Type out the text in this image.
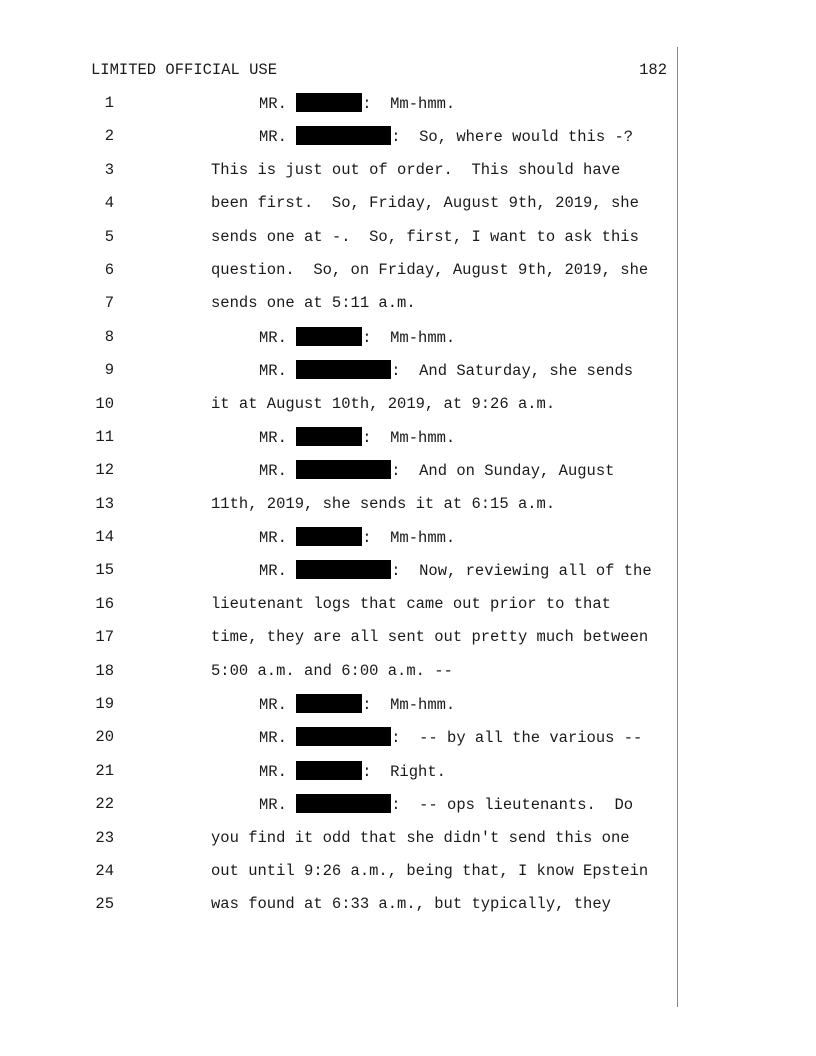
LIMITED OFFICIAL USE	182
1	MR.	:  Mm-hmm.
2	MR.	:  So, where would this -?
3	This is just out of order.  This should have
4	been first.  So, Friday, August 9th, 2019, she
5	sends one at -.  So, first, I want to ask this
6	question.  So, on Friday, August 9th, 2019, she
7	sends one at 5:11 a.m.
8	MR.	:  Mm-hmm.
9	MR.	:  And Saturday, she sends
10	it at August 10th, 2019, at 9:26 a.m.
11	MR.	:  Mm-hmm.
12	MR.	:  And on Sunday, August
13	11th, 2019, she sends it at 6:15 a.m.
14	MR.	:  Mm-hmm.
15	MR.	:  Now, reviewing all of the
16	lieutenant logs that came out prior to that
17	time, they are all sent out pretty much between
18	5:00 a.m. and 6:00 a.m. --
19	MR.	:  Mm-hmm.
20	MR.	:  -- by all the various --
21	MR.	:  Right.
22	MR.	:  -- ops lieutenants.  Do
23	you find it odd that she didn't send this one
24	out until 9:26 a.m., being that, I know Epstein
25	was found at 6:33 a.m., but typically, they
